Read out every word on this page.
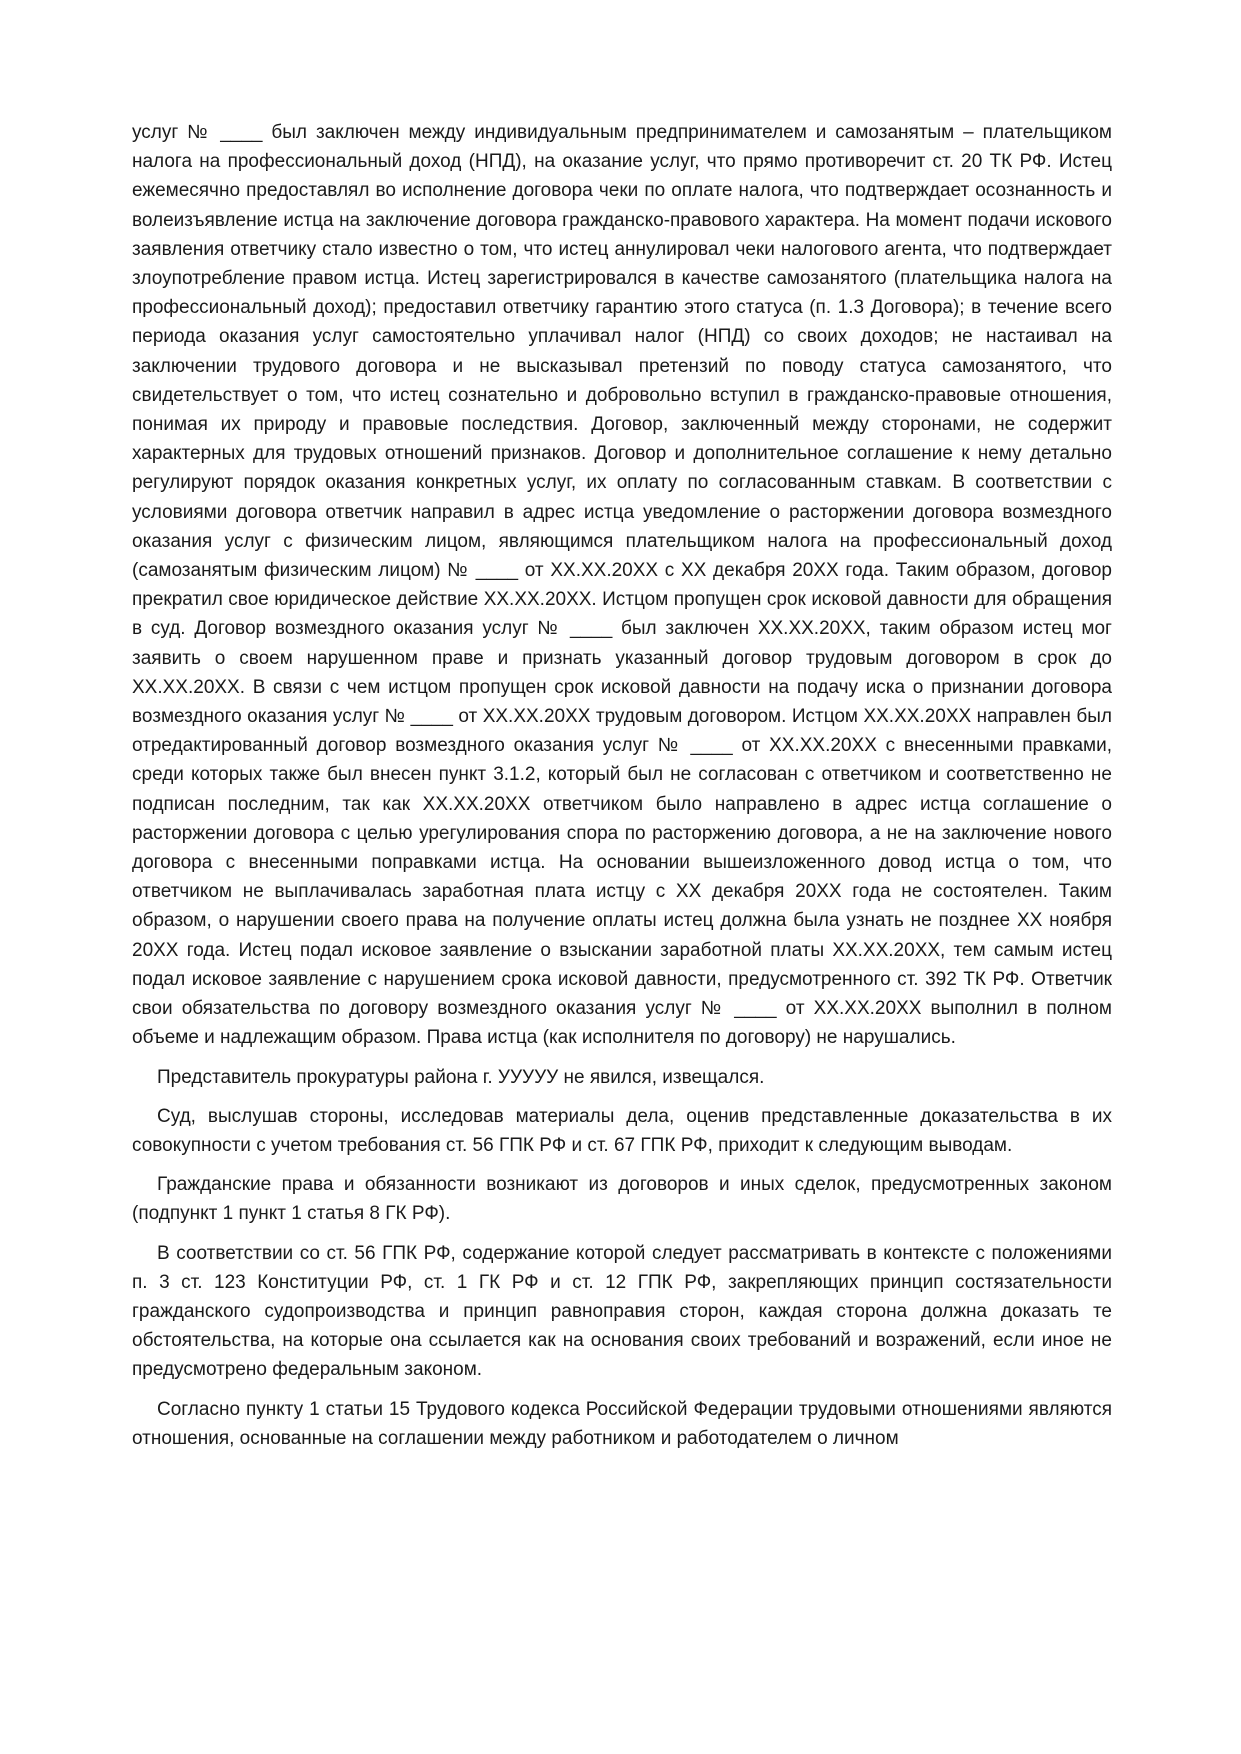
услуг № ____ был заключен между индивидуальным предпринимателем и самозанятым – плательщиком налога на профессиональный доход (НПД), на оказание услуг, что прямо противоречит ст. 20 ТК РФ. Истец ежемесячно предоставлял во исполнение договора чеки по оплате налога, что подтверждает осознанность и волеизъявление истца на заключение договора гражданско-правового характера. На момент подачи искового заявления ответчику стало известно о том, что истец аннулировал чеки налогового агента, что подтверждает злоупотребление правом истца. Истец зарегистрировался в качестве самозанятого (плательщика налога на профессиональный доход); предоставил ответчику гарантию этого статуса (п. 1.3 Договора); в течение всего периода оказания услуг самостоятельно уплачивал налог (НПД) со своих доходов; не настаивал на заключении трудового договора и не высказывал претензий по поводу статуса самозанятого, что свидетельствует о том, что истец сознательно и добровольно вступил в гражданско-правовые отношения, понимая их природу и правовые последствия. Договор, заключенный между сторонами, не содержит характерных для трудовых отношений признаков. Договор и дополнительное соглашение к нему детально регулируют порядок оказания конкретных услуг, их оплату по согласованным ставкам. В соответствии с условиями договора ответчик направил в адрес истца уведомление о расторжении договора возмездного оказания услуг с физическим лицом, являющимся плательщиком налога на профессиональный доход (самозанятым физическим лицом) № ____ от ХХ.ХХ.20ХХ с ХХ декабря 20ХХ года. Таким образом, договор прекратил свое юридическое действие ХХ.ХХ.20ХХ. Истцом пропущен срок исковой давности для обращения в суд. Договор возмездного оказания услуг № ____ был заключен ХХ.ХХ.20ХХ, таким образом истец мог заявить о своем нарушенном праве и признать указанный договор трудовым договором в срок до ХХ.ХХ.20ХХ. В связи с чем истцом пропущен срок исковой давности на подачу иска о признании договора возмездного оказания услуг № ____ от ХХ.ХХ.20ХХ трудовым договором. Истцом ХХ.ХХ.20ХХ направлен был отредактированный договор возмездного оказания услуг № ____ от ХХ.ХХ.20ХХ с внесенными правками, среди которых также был внесен пункт 3.1.2, который был не согласован с ответчиком и соответственно не подписан последним, так как ХХ.ХХ.20ХХ ответчиком было направлено в адрес истца соглашение о расторжении договора с целью урегулирования спора по расторжению договора, а не на заключение нового договора с внесенными поправками истца. На основании вышеизложенного довод истца о том, что ответчиком не выплачивалась заработная плата истцу с ХХ декабря 20ХХ года не состоятелен. Таким образом, о нарушении своего права на получение оплаты истец должна была узнать не позднее ХХ ноября 20ХХ года. Истец подал исковое заявление о взыскании заработной платы ХХ.ХХ.20ХХ, тем самым истец подал исковое заявление с нарушением срока исковой давности, предусмотренного ст. 392 ТК РФ. Ответчик свои обязательства по договору возмездного оказания услуг № ____ от ХХ.ХХ.20ХХ выполнил в полном объеме и надлежащим образом. Права истца (как исполнителя по договору) не нарушались.

Представитель прокуратуры района г. УУУУУ не явился, извещался.

Суд, выслушав стороны, исследовав материалы дела, оценив представленные доказательства в их совокупности с учетом требования ст. 56 ГПК РФ и ст. 67 ГПК РФ, приходит к следующим выводам.

Гражданские права и обязанности возникают из договоров и иных сделок, предусмотренных законом (подпункт 1 пункт 1 статья 8 ГК РФ).

В соответствии со ст. 56 ГПК РФ, содержание которой следует рассматривать в контексте с положениями п. 3 ст. 123 Конституции РФ, ст. 1 ГК РФ и ст. 12 ГПК РФ, закрепляющих принцип состязательности гражданского судопроизводства и принцип равноправия сторон, каждая сторона должна доказать те обстоятельства, на которые она ссылается как на основания своих требований и возражений, если иное не предусмотрено федеральным законом.

Согласно пункту 1 статьи 15 Трудового кодекса Российской Федерации трудовыми отношениями являются отношения, основанные на соглашении между работником и работодателем о личном
